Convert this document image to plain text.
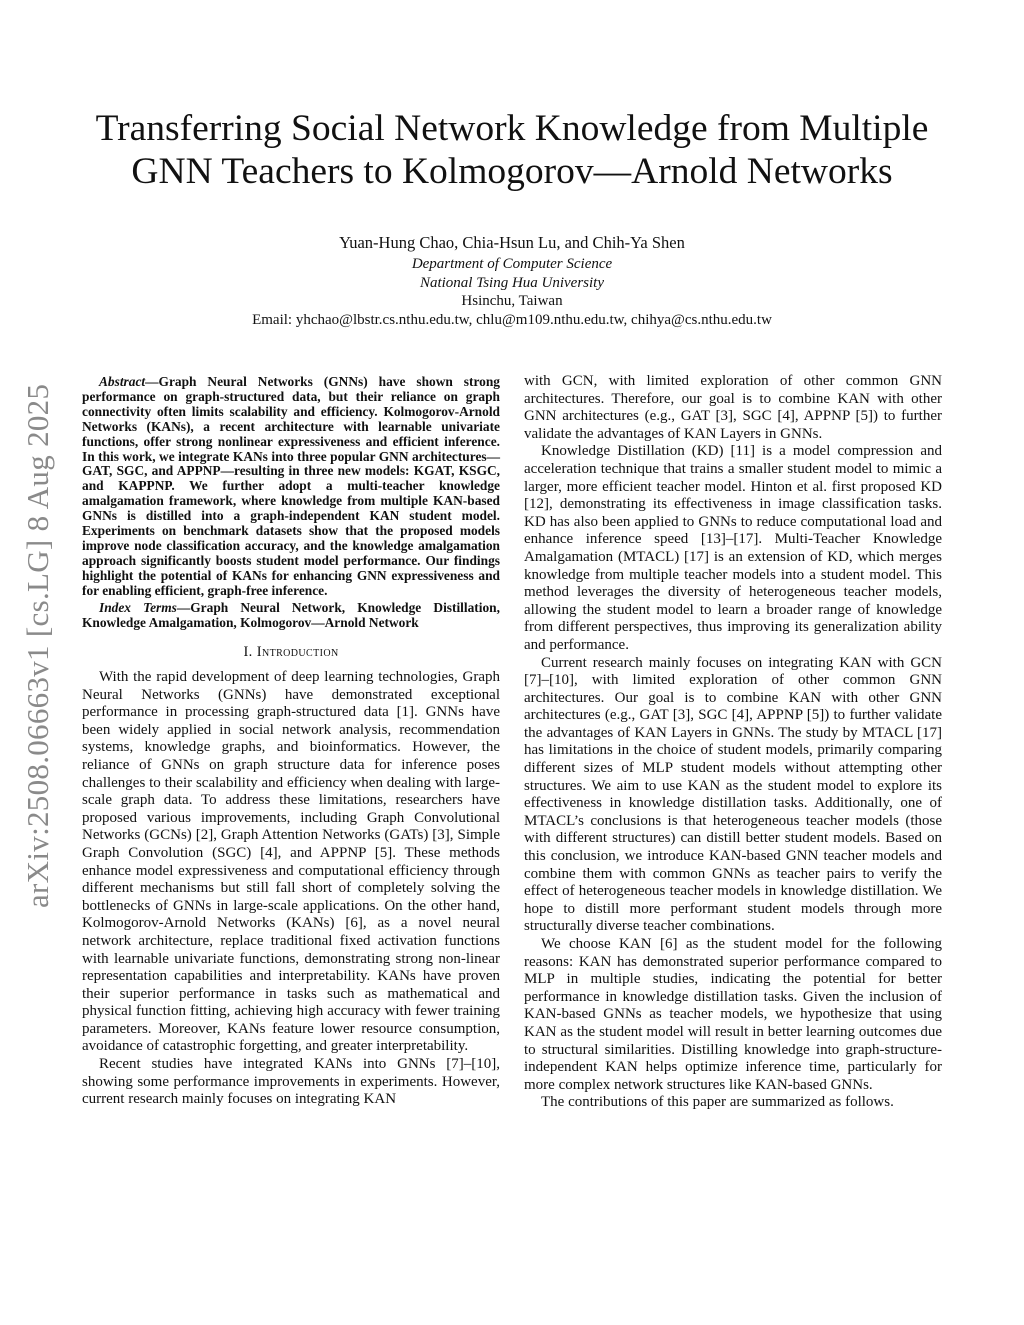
arXiv:2508.06663v1 [cs.LG] 8 Aug 2025
Transferring Social Network Knowledge from Multiple GNN Teachers to Kolmogorov—Arnold Networks
Yuan-Hung Chao, Chia-Hsun Lu, and Chih-Ya Shen
Department of Computer Science
National Tsing Hua University
Hsinchu, Taiwan
Email: yhchao@lbstr.cs.nthu.edu.tw, chlu@m109.nthu.edu.tw, chihya@cs.nthu.edu.tw

Abstract—Graph Neural Networks (GNNs) have shown strong performance on graph-structured data, but their reliance on graph connectivity often limits scalability and efficiency. Kolmogorov-Arnold Networks (KANs), a recent architecture with learnable univariate functions, offer strong nonlinear expressiveness and efficient inference. In this work, we integrate KANs into three popular GNN architectures—GAT, SGC, and APPNP—resulting in three new models: KGAT, KSGC, and KAPPNP. We further adopt a multi-teacher knowledge amalgamation framework, where knowledge from multiple KAN-based GNNs is distilled into a graph-independent KAN student model. Experiments on benchmark datasets show that the proposed models improve node classification accuracy, and the knowledge amalgamation approach significantly boosts student model performance. Our findings highlight the potential of KANs for enhancing GNN expressiveness and for enabling efficient, graph-free inference.

Index Terms—Graph Neural Network, Knowledge Distillation, Knowledge Amalgamation, Kolmogorov—Arnold Network

I. Introduction

With the rapid development of deep learning technologies, Graph Neural Networks (GNNs) have demonstrated exceptional performance in processing graph-structured data [1]. GNNs have been widely applied in social network analysis, recommendation systems, knowledge graphs, and bioinformatics. However, the reliance of GNNs on graph structure data for inference poses challenges to their scalability and efficiency when dealing with large-scale graph data. To address these limitations, researchers have proposed various improvements, including Graph Convolutional Networks (GCNs) [2], Graph Attention Networks (GATs) [3], Simple Graph Convolution (SGC) [4], and APPNP [5]. These methods enhance model expressiveness and computational efficiency through different mechanisms but still fall short of completely solving the bottlenecks of GNNs in large-scale applications. On the other hand, Kolmogorov-Arnold Networks (KANs) [6], as a novel neural network architecture, replace traditional fixed activation functions with learnable univariate functions, demonstrating strong non-linear representation capabilities and interpretability. KANs have proven their superior performance in tasks such as mathematical and physical function fitting, achieving high accuracy with fewer training parameters. Moreover, KANs feature lower resource consumption, avoidance of catastrophic forgetting, and greater interpretability.

Recent studies have integrated KANs into GNNs [7]–[10], showing some performance improvements in experiments. However, current research mainly focuses on integrating KAN

with GCN, with limited exploration of other common GNN architectures. Therefore, our goal is to combine KAN with other GNN architectures (e.g., GAT [3], SGC [4], APPNP [5]) to further validate the advantages of KAN Layers in GNNs.

Knowledge Distillation (KD) [11] is a model compression and acceleration technique that trains a smaller student model to mimic a larger, more efficient teacher model. Hinton et al. first proposed KD [12], demonstrating its effectiveness in image classification tasks. KD has also been applied to GNNs to reduce computational load and enhance inference speed [13]–[17]. Multi-Teacher Knowledge Amalgamation (MTACL) [17] is an extension of KD, which merges knowledge from multiple teacher models into a student model. This method leverages the diversity of heterogeneous teacher models, allowing the student model to learn a broader range of knowledge from different perspectives, thus improving its generalization ability and performance.

Current research mainly focuses on integrating KAN with GCN [7]–[10], with limited exploration of other common GNN architectures. Our goal is to combine KAN with other GNN architectures (e.g., GAT [3], SGC [4], APPNP [5]) to further validate the advantages of KAN Layers in GNNs. The study by MTACL [17] has limitations in the choice of student models, primarily comparing different sizes of MLP student models without attempting other structures. We aim to use KAN as the student model to explore its effectiveness in knowledge distillation tasks. Additionally, one of MTACL’s conclusions is that heterogeneous teacher models (those with different structures) can distill better student models. Based on this conclusion, we introduce KAN-based GNN teacher models and combine them with common GNNs as teacher pairs to verify the effect of heterogeneous teacher models in knowledge distillation. We hope to distill more performant student models through more structurally diverse teacher combinations.

We choose KAN [6] as the student model for the following reasons: KAN has demonstrated superior performance compared to MLP in multiple studies, indicating the potential for better performance in knowledge distillation tasks. Given the inclusion of KAN-based GNNs as teacher models, we hypothesize that using KAN as the student model will result in better learning outcomes due to structural similarities. Distilling knowledge into graph-structure-independent KAN helps optimize inference time, particularly for more complex network structures like KAN-based GNNs.

The contributions of this paper are summarized as follows.
